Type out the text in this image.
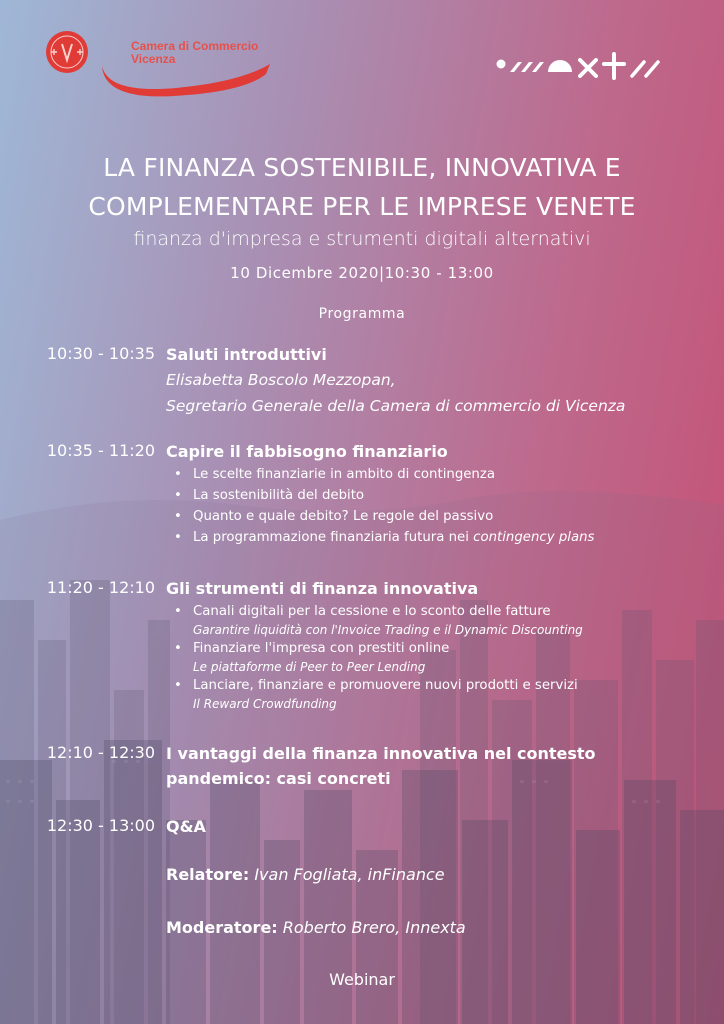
Camera di Commercio
Vicenza
LA FINANZA SOSTENIBILE, INNOVATIVA E
COMPLEMENTARE PER LE IMPRESE VENETE
finanza d'impresa e strumenti digitali alternativi
10 Dicembre 2020|10:30 - 13:00
Programma
10:30 - 10:35 Saluti introduttivi
Elisabetta Boscolo Mezzopan,
Segretario Generale della Camera di commercio di Vicenza
10:35 - 11:20 Capire il fabbisogno finanziario
• Le scelte finanziarie in ambito di contingenza
• La sostenibilità del debito
• Quanto e quale debito? Le regole del passivo
• La programmazione finanziaria futura nei contingency plans
11:20 - 12:10 Gli strumenti di finanza innovativa
• Canali digitali per la cessione e lo sconto delle fatture
Garantire liquidità con l'Invoice Trading e il Dynamic Discounting
• Finanziare l'impresa con prestiti online
Le piattaforme di Peer to Peer Lending
• Lanciare, finanziare e promuovere nuovi prodotti e servizi
Il Reward Crowdfunding
12:10 - 12:30 I vantaggi della finanza innovativa nel contesto
pandemico: casi concreti
12:30 - 13:00 Q&A
Relatore: Ivan Fogliata, inFinance
Moderatore: Roberto Brero, Innexta
Webinar
